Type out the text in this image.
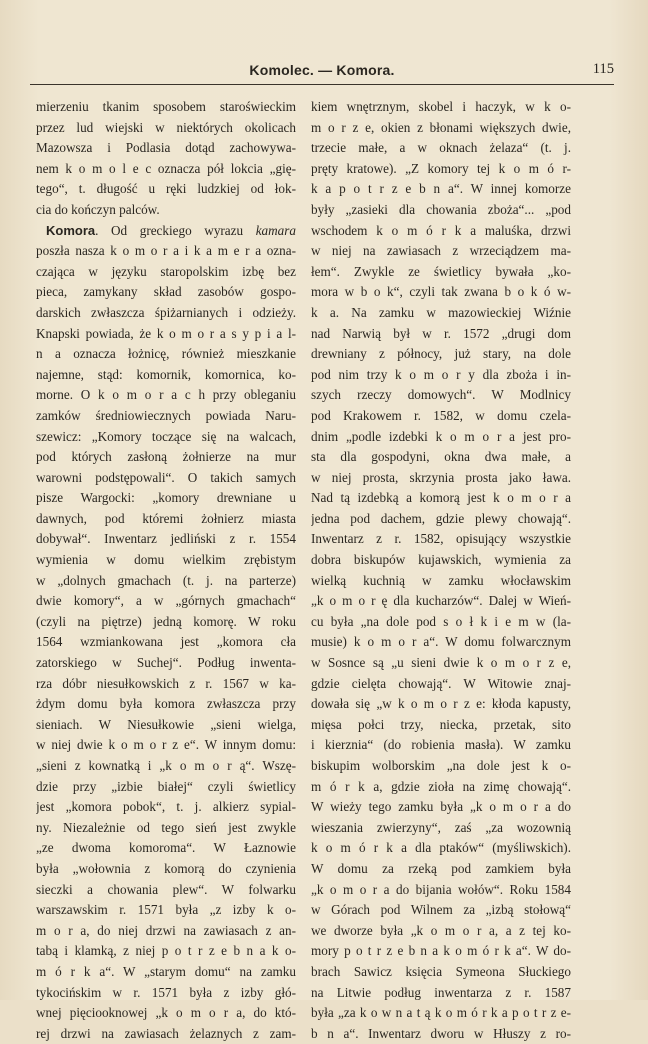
Komolec. — Komora.	115
mierzeniu tkanim sposobem staroświeckim
przez lud wiejski w niektórych okolicach
Mazowsza i Podlasia dotąd zachowywa-
nem k o m o l e c oznacza pół lokcia „gię-
tego“, t. długość u ręki ludzkiej od łok-
cia do kończyn palców.
Komora. Od greckiego wyrazu kamara
poszła nasza k o m o r a i k a m e r a ozna-
czająca w języku staropolskim izbę bez
pieca, zamykany skład zasobów gospo-
darskich zwłaszcza śpiżarnianych i odzieży.
Knapski powiada, że k o m o r a s y p i a l-
n a oznacza łożnicę, również mieszkanie
najemne, stąd: komornik, komornica, ko-
morne. O k o m o r a c h przy obleganiu
zamków średniowiecznych powiada Naru-
szewicz: „Komory toczące się na walcach,
pod których zasłoną żołnierze na mur
warowni podstępowali“. O takich samych
pisze Wargocki: „komory drewniane u
dawnych, pod któremi żołnierz miasta
dobywał“. Inwentarz jedliński z r. 1554
wymienia w domu wielkim zrębistym
w „dolnych gmachach (t. j. na parterze)
dwie komory“, a w „górnych gmachach“
(czyli na piętrze) jedną komorę. W roku
1564 wzmiankowana jest „komora cła
zatorskiego w Suchej“. Podług inwenta-
rza dóbr niesułkowskich z r. 1567 w ka-
żdym domu była komora zwłaszcza przy
sieniach. W Niesułkowie „sieni wielga,
w niej dwie k o m o r z e“. W innym domu:
„sieni z kownatką i „k o m o r ą“. Wszę-
dzie przy „izbie białej“ czyli świetlicy
jest „komora pobok“, t. j. alkierz sypial-
ny. Niezależnie od tego sień jest zwykle
„ze dwoma komoroma“. W Łaznowie
była „wołownia z komorą do czynienia
sieczki a chowania plew“. W folwarku
warszawskim r. 1571 była „z izby k o-
m o r a, do niej drzwi na zawiasach z an-
tabą i klamką, z niej p o t r z e b n a k o-
m ó r k a“. W „starym domu“ na zamku
tykocińskim w r. 1571 była z izby głó-
wnej pięciooknowej „k o m o r a, do któ-
rej drzwi na zawiasach żelaznych z zam-
kiem wnętrznym, skobel i haczyk, w k o-
m o r z e, okien z błonami większych dwie,
trzecie małe, a w oknach żelaza“ (t. j.
pręty kratowe). „Z komory tej k o m ó r-
k a p o t r z e b n a“. W innej komorze
były „zasieki dla chowania zboża“... „pod
wschodem k o m ó r k a maluśka, drzwi
w niej na zawiasach z wrzeciądzem ma-
łem“. Zwykle ze świetlicy bywała „ko-
mora w b o k“, czyli tak zwana b o k ó w-
k a. Na zamku w mazowieckiej Wiźnie
nad Narwią był w r. 1572 „drugi dom
drewniany z północy, już stary, na dole
pod nim trzy k o m o r y dla zboża i in-
szych rzeczy domowych“. W Modlnicy
pod Krakowem r. 1582, w domu czela-
dnim „podle izdebki k o m o r a jest pro-
sta dla gospodyni, okna dwa małe, a
w niej prosta, skrzynia prosta jako ława.
Nad tą izdebką a komorą jest k o m o r a
jedna pod dachem, gdzie plewy chowają“.
Inwentarz z r. 1582, opisujący wszystkie
dobra biskupów kujawskich, wymienia za
wielką kuchnią w zamku włocławskim
„k o m o r ę dla kucharzów“. Dalej w Wień-
cu była „na dole pod s o ł k i e m w (la-
musie) k o m o r a“. W domu folwarcznym
w Sosnce są „u sieni dwie k o m o r z e,
gdzie cielęta chowają“. W Witowie znaj-
dowała się „w k o m o r z e: kłoda kapusty,
mięsa połci trzy, niecka, przetak, sito
i kierznia“ (do robienia masła). W zamku
biskupim wolborskim „na dole jest k o-
m ó r k a, gdzie zioła na zimę chowają“.
W wieży tego zamku była „k o m o r a do
wieszania zwierzyny“, zaś „za wozownią
k o m ó r k a dla ptaków“ (myśliwskich).
W domu za rzeką pod zamkiem była
„k o m o r a do bijania wołów“. Roku 1584
w Górach pod Wilnem za „izbą stołową“
we dworze była „k o m o r a, a z tej ko-
mory p o t r z e b n a k o m ó r k a“. W do-
brach Sawicz księcia Symeona Słuckiego
na Litwie podług inwentarza z r. 1587
była „za k o w n a t ą k o m ó r k a p o t r z e-
b n a“. Inwentarz dworu w Hłuszy z ro-
